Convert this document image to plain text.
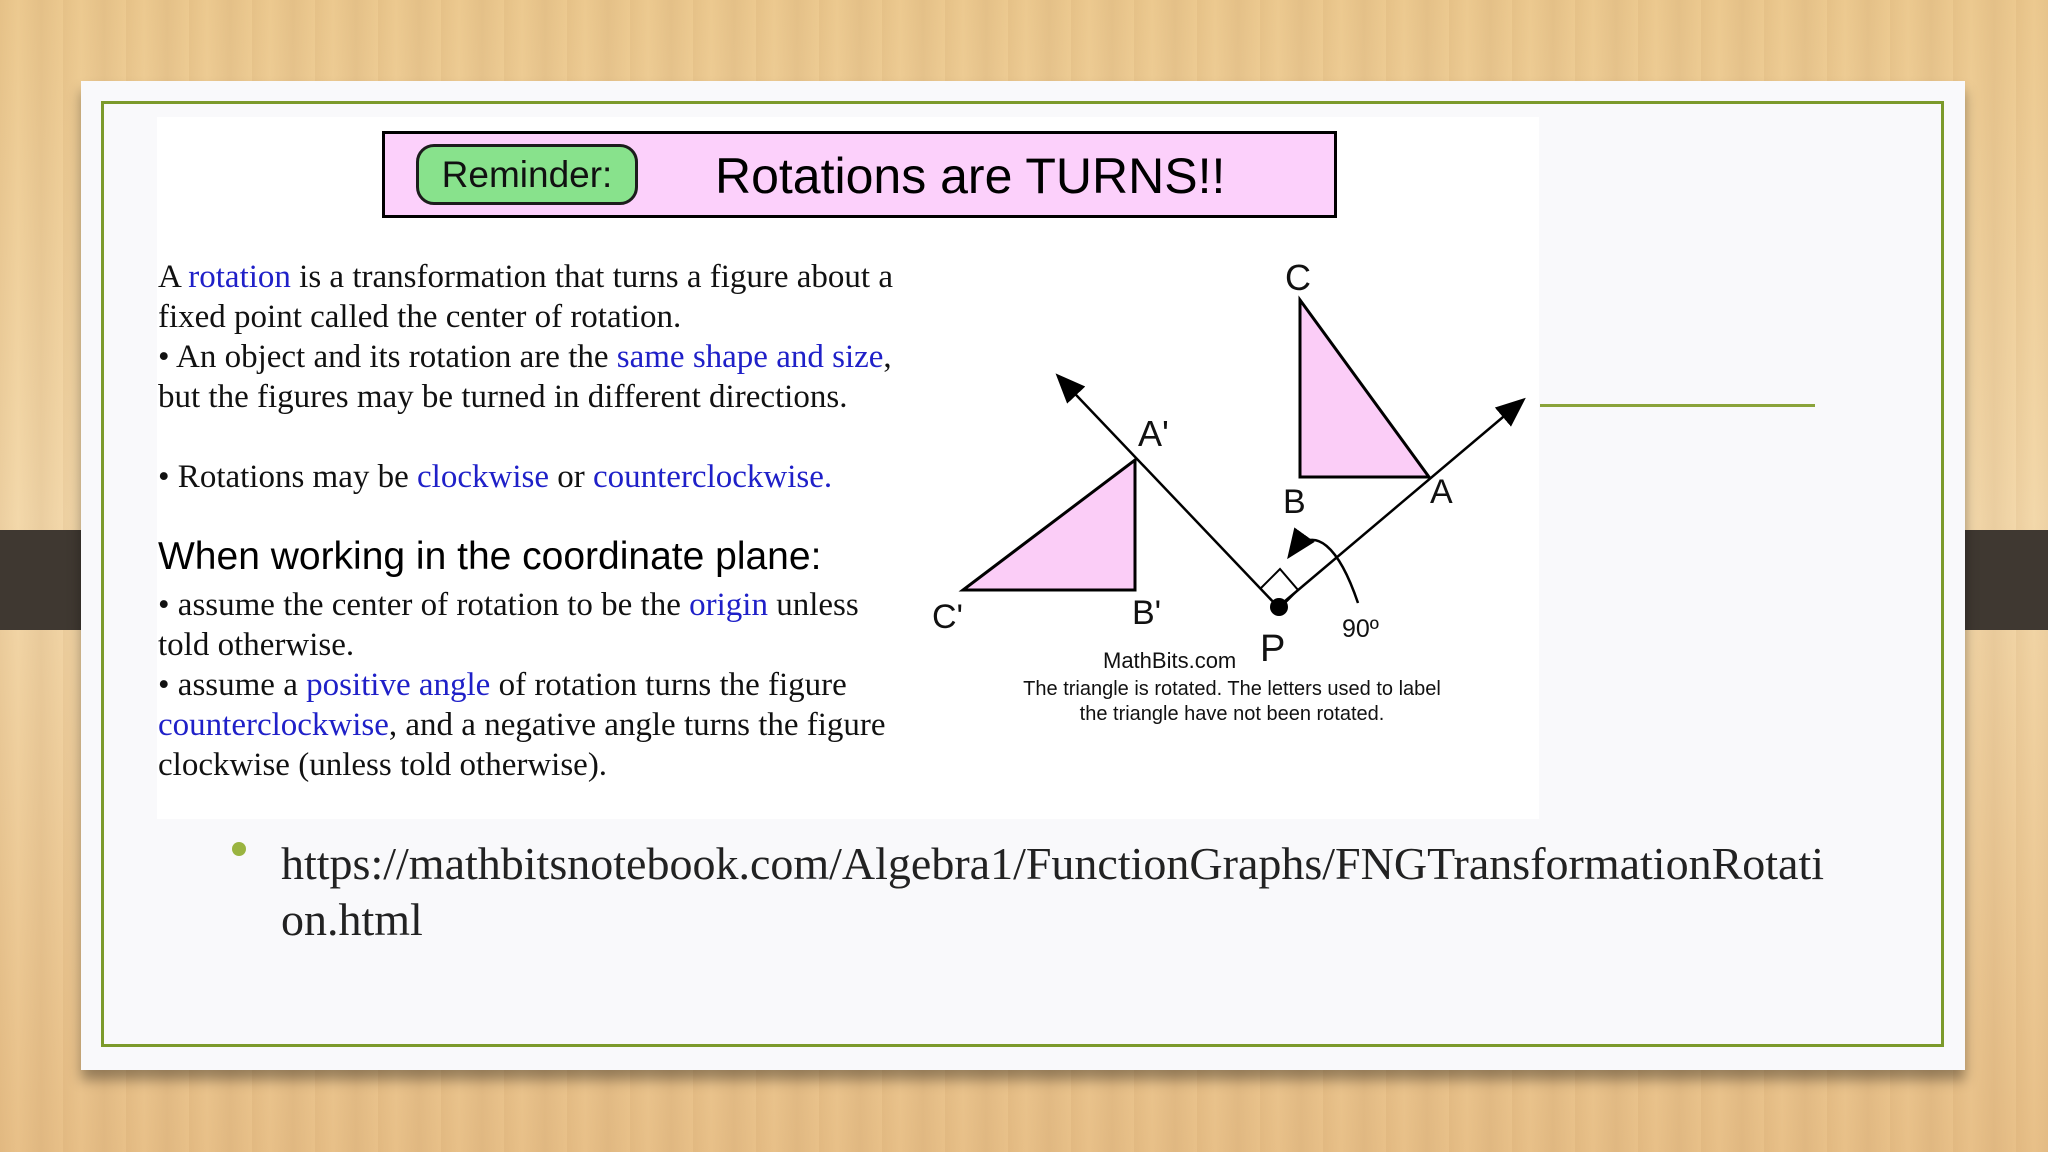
Reminder:	Rotations are TURNS!!

A rotation is a transformation that turns a figure about a fixed point called the center of rotation.

• An object and its rotation are the same shape and size, but the figures may be turned in different directions.

• Rotations may be clockwise or counterclockwise.

When working in the coordinate plane:

• assume the center of rotation to be the origin unless told otherwise.

• assume a positive angle of rotation turns the figure counterclockwise, and a negative angle turns the figure clockwise (unless told otherwise).

C
B	A
A'
B'
C'
P 90º
MathBits.com
The triangle is rotated. The letters used to label
the triangle have not been rotated.

https://mathbitsnotebook.com/Algebra1/FunctionGraphs/FNGTransformationRotation.html
